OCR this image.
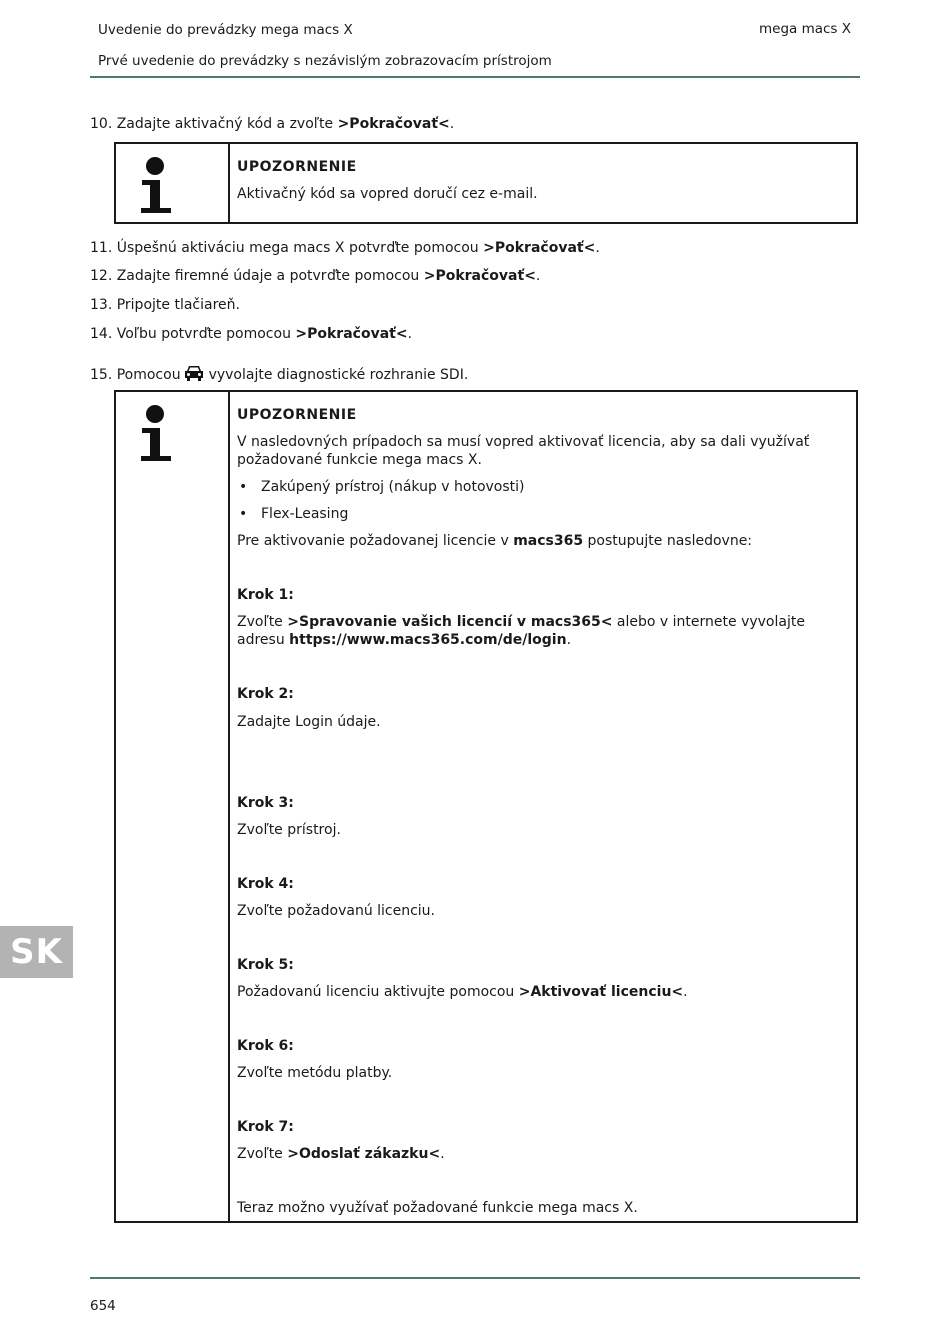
Uvedenie do prevádzky mega macs X	mega macs X
Prvé uvedenie do prevádzky s nezávislým zobrazovacím prístrojom
10. Zadajte aktivačný kód a zvoľte >Pokračovať<.

UPOZORNENIE

Aktivačný kód sa vopred doručí cez e-mail.

11. Úspešnú aktiváciu mega macs X potvrďte pomocou >Pokračovať<.
12. Zadajte firemné údaje a potvrďte pomocou >Pokračovať<.
13. Pripojte tlačiareň.
14. Voľbu potvrďte pomocou >Pokračovať<.
15. Pomocou vyvolajte diagnostické rozhranie SDI.

UPOZORNENIE

V nasledovných prípadoch sa musí vopred aktivovať licencia, aby sa dali využívať požadované funkcie mega macs X.

• Zakúpený prístroj (nákup v hotovosti)
• Flex-Leasing

Pre aktivovanie požadovanej licencie v macs365 postupujte nasledovne:

Krok 1:

Zvoľte >Spravovanie vašich licencií v macs365< alebo v internete vyvolajte adresu https://www.macs365.com/de/login.

Krok 2:

Zadajte Login údaje.

Krok 3:

Zvoľte prístroj.

Krok 4:

Zvoľte požadovanú licenciu.

Krok 5:

Požadovanú licenciu aktivujte pomocou >Aktivovať licenciu<.

Krok 6:

Zvoľte metódu platby.

Krok 7:

Zvoľte >Odoslať zákazku<.

Teraz možno využívať požadované funkcie mega macs X.

SK
654
